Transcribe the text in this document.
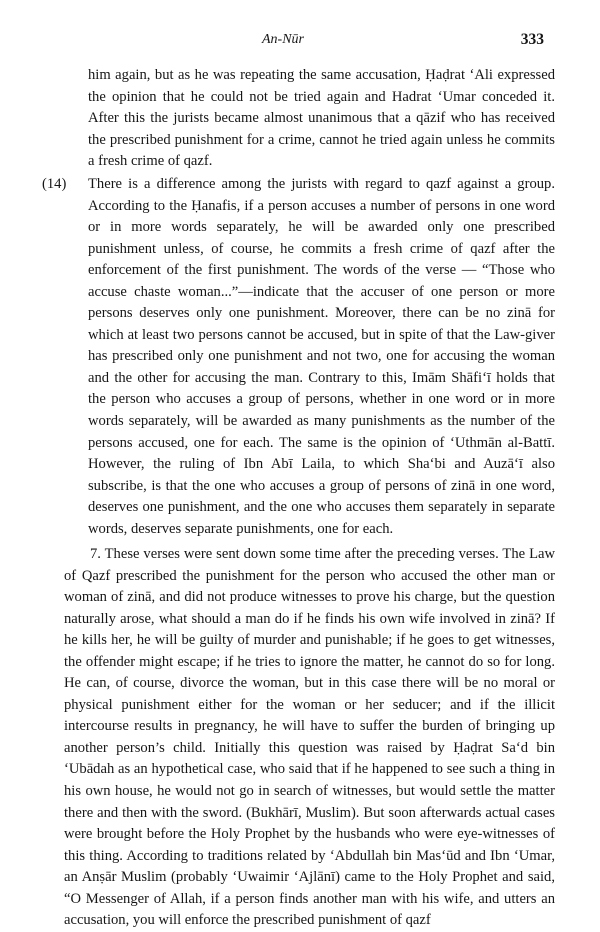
An-Nūr	333

him again, but as he was repeating the same accusation, Ḥaḍrat ‘Ali expressed the opinion that he could not be tried again and Hadrat ‘Umar conceded it. After this the jurists became almost unanimous that a qāzif who has received the prescribed punishment for a crime, cannot he tried again unless he commits a fresh crime of qazf.

(14) There is a difference among the jurists with regard to qazf against a group. According to the Ḥanafis, if a person accuses a number of persons in one word or in more words separately, he will be awarded only one prescribed punishment unless, of course, he commits a fresh crime of qazf after the enforcement of the first punishment. The words of the verse — “Those who accuse chaste woman...”—indicate that the accuser of one person or more persons deserves only one punishment. Moreover, there can be no zinā for which at least two persons cannot be accused, but in spite of that the Law-giver has prescribed only one punishment and not two, one for accusing the woman and the other for accusing the man. Contrary to this, Imām Shāfi‘ī holds that the person who accuses a group of persons, whether in one word or in more words separately, will be awarded as many punishments as the number of the persons accused, one for each. The same is the opinion of ‘Uthmān al-Battī. However, the ruling of Ibn Abī Laila, to which Sha‘bi and Auzā‘ī also subscribe, is that the one who accuses a group of persons of zinā in one word, deserves one punishment, and the one who accuses them separately in separate words, deserves separate punishments, one for each.

7. These verses were sent down some time after the preceding verses. The Law of Qazf prescribed the punishment for the person who accused the other man or woman of zinā, and did not produce witnesses to prove his charge, but the question naturally arose, what should a man do if he finds his own wife involved in zinā? If he kills her, he will be guilty of murder and punishable; if he goes to get witnesses, the offender might escape; if he tries to ignore the matter, he cannot do so for long. He can, of course, divorce the woman, but in this case there will be no moral or physical punishment either for the woman or her seducer; and if the illicit intercourse results in pregnancy, he will have to suffer the burden of bringing up another person’s child. Initially this question was raised by Ḥaḍrat Sa‘d bin ‘Ubādah as an hypothetical case, who said that if he happened to see such a thing in his own house, he would not go in search of witnesses, but would settle the matter there and then with the sword. (Bukhārī, Muslim). But soon afterwards actual cases were brought before the Holy Prophet by the husbands who were eye-witnesses of this thing. According to traditions related by ‘Abdullah bin Mas‘ūd and Ibn ‘Umar, an Anṣār Muslim (probably ‘Uwaimir ‘Ajlānī) came to the Holy Prophet and said, “O Messenger of Allah, if a person finds another man with his wife, and utters an accusation, you will enforce the prescribed punishment of qazf
